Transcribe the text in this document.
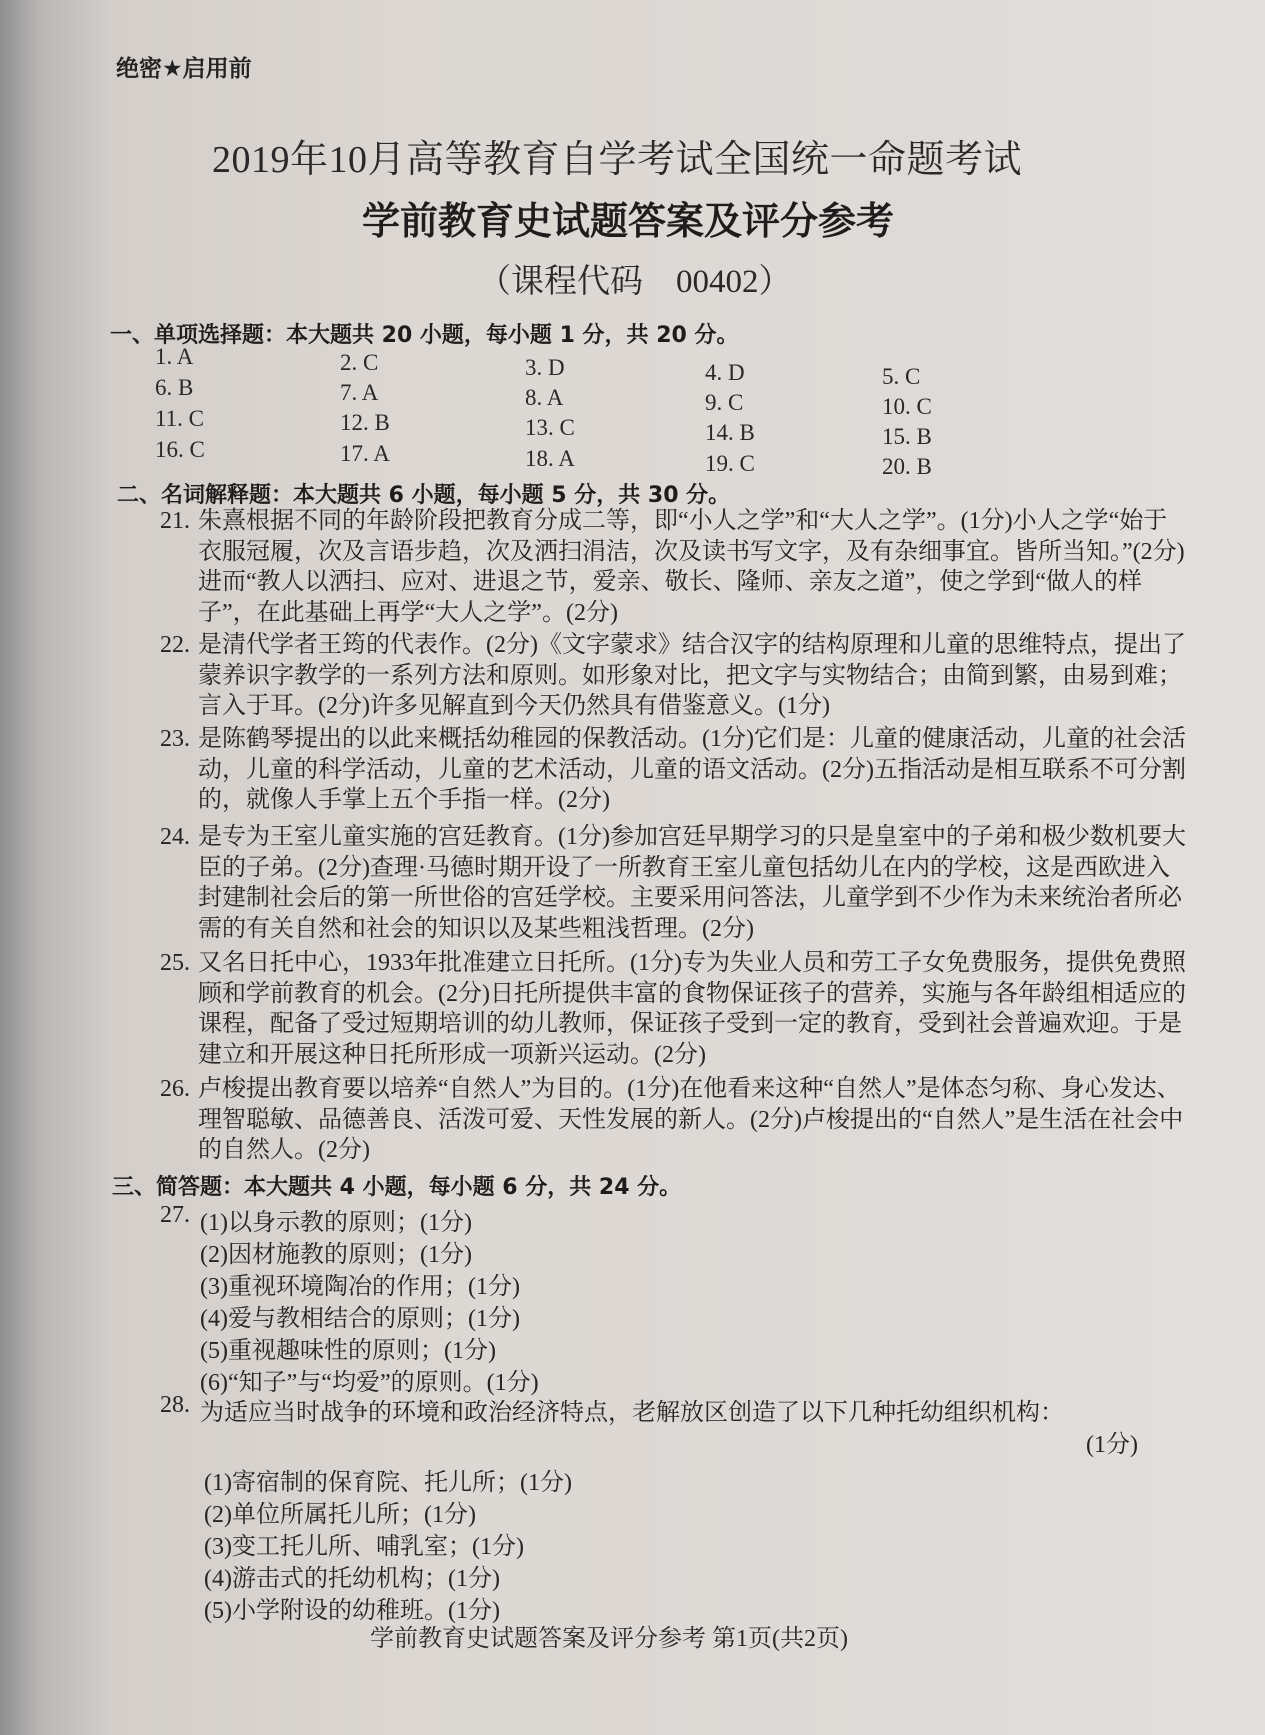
绝密★启用前
2019年10月高等教育自学考试全国统一命题考试
学前教育史试题答案及评分参考
（课程代码　00402）
一、单项选择题：本大题共 20 小题，每小题 1 分，共 20 分。
1. A	2. C	3. D	4. D	5. C
6. B	7. A	8. A	9. C	10. C
11. C	12. B	13. C	14. B	15. B
16. C	17. A	18. A	19. C	20. B
二、名词解释题：本大题共 6 小题，每小题 5 分，共 30 分。
21. 朱熹根据不同的年龄阶段把教育分成二等，即“小人之学”和“大人之学”。(1分)小人之学“始于衣服冠履，次及言语步趋，次及洒扫涓洁，次及读书写文字，及有杂细事宜。皆所当知。”(2分)进而“教人以洒扫、应对、进退之节，爱亲、敬长、隆师、亲友之道”，使之学到“做人的样子”，在此基础上再学“大人之学”。(2分)
22. 是清代学者王筠的代表作。(2分)《文字蒙求》结合汉字的结构原理和儿童的思维特点，提出了蒙养识字教学的一系列方法和原则。如形象对比，把文字与实物结合；由简到繁，由易到难；言入于耳。(2分)许多见解直到今天仍然具有借鉴意义。(1分)
23. 是陈鹤琴提出的以此来概括幼稚园的保教活动。(1分)它们是：儿童的健康活动，儿童的社会活动，儿童的科学活动，儿童的艺术活动，儿童的语文活动。(2分)五指活动是相互联系不可分割的，就像人手掌上五个手指一样。(2分)
24. 是专为王室儿童实施的宫廷教育。(1分)参加宫廷早期学习的只是皇室中的子弟和极少数机要大臣的子弟。(2分)查理·马德时期开设了一所教育王室儿童包括幼儿在内的学校，这是西欧进入封建制社会后的第一所世俗的宫廷学校。主要采用问答法，儿童学到不少作为未来统治者所必需的有关自然和社会的知识以及某些粗浅哲理。(2分)
25. 又名日托中心，1933年批准建立日托所。(1分)专为失业人员和劳工子女免费服务，提供免费照顾和学前教育的机会。(2分)日托所提供丰富的食物保证孩子的营养，实施与各年龄组相适应的课程，配备了受过短期培训的幼儿教师，保证孩子受到一定的教育，受到社会普遍欢迎。于是建立和开展这种日托所形成一项新兴运动。(2分)
26. 卢梭提出教育要以培养“自然人”为目的。(1分)在他看来这种“自然人”是体态匀称、身心发达、理智聪敏、品德善良、活泼可爱、天性发展的新人。(2分)卢梭提出的“自然人”是生活在社会中的自然人。(2分)
三、简答题：本大题共 4 小题，每小题 6 分，共 24 分。
27. (1)以身示教的原则；(1分)
(2)因材施教的原则；(1分)
(3)重视环境陶冶的作用；(1分)
(4)爱与教相结合的原则；(1分)
(5)重视趣味性的原则；(1分)
(6)“知子”与“均爱”的原则。(1分)
28. 为适应当时战争的环境和政治经济特点，老解放区创造了以下几种托幼组织机构：
(1分)
(1)寄宿制的保育院、托儿所；(1分)
(2)单位所属托儿所；(1分)
(3)变工托儿所、哺乳室；(1分)
(4)游击式的托幼机构；(1分)
(5)小学附设的幼稚班。(1分)
学前教育史试题答案及评分参考 第1页(共2页)
